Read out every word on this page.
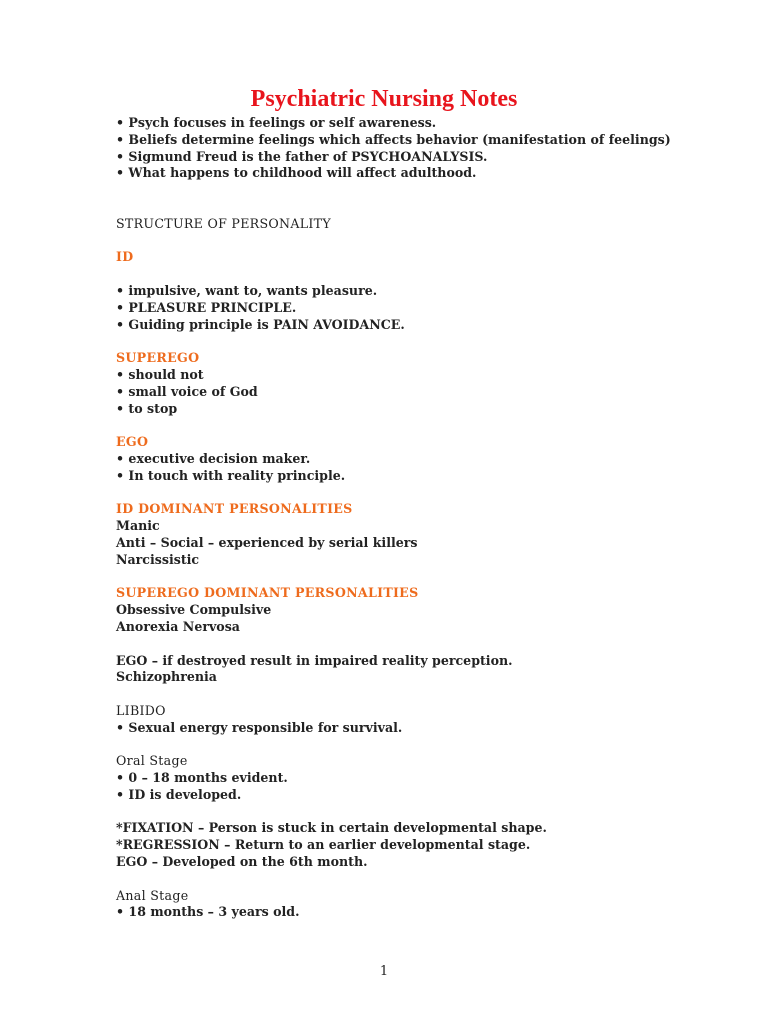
Psychiatric Nursing Notes
• Psych focuses in feelings or self awareness.
• Beliefs determine feelings which affects behavior (manifestation of feelings)
• Sigmund Freud is the father of PSYCHOANALYSIS.
• What happens to childhood will affect adulthood.
STRUCTURE OF PERSONALITY
ID
• impulsive, want to, wants pleasure.
• PLEASURE PRINCIPLE.
• Guiding principle is PAIN AVOIDANCE.
SUPEREGO
• should not
• small voice of God
• to stop
EGO
• executive decision maker.
• In touch with reality principle.
ID DOMINANT PERSONALITIES
Manic
Anti – Social – experienced by serial killers
Narcissistic
SUPEREGO DOMINANT PERSONALITIES
Obsessive Compulsive
Anorexia Nervosa
EGO – if destroyed result in impaired reality perception.
Schizophrenia
LIBIDO
• Sexual energy responsible for survival.
Oral Stage
• 0 – 18 months evident.
• ID is developed.
*FIXATION – Person is stuck in certain developmental shape.
*REGRESSION – Return to an earlier developmental stage.
EGO – Developed on the 6th month.
Anal Stage
• 18 months – 3 years old.
1
